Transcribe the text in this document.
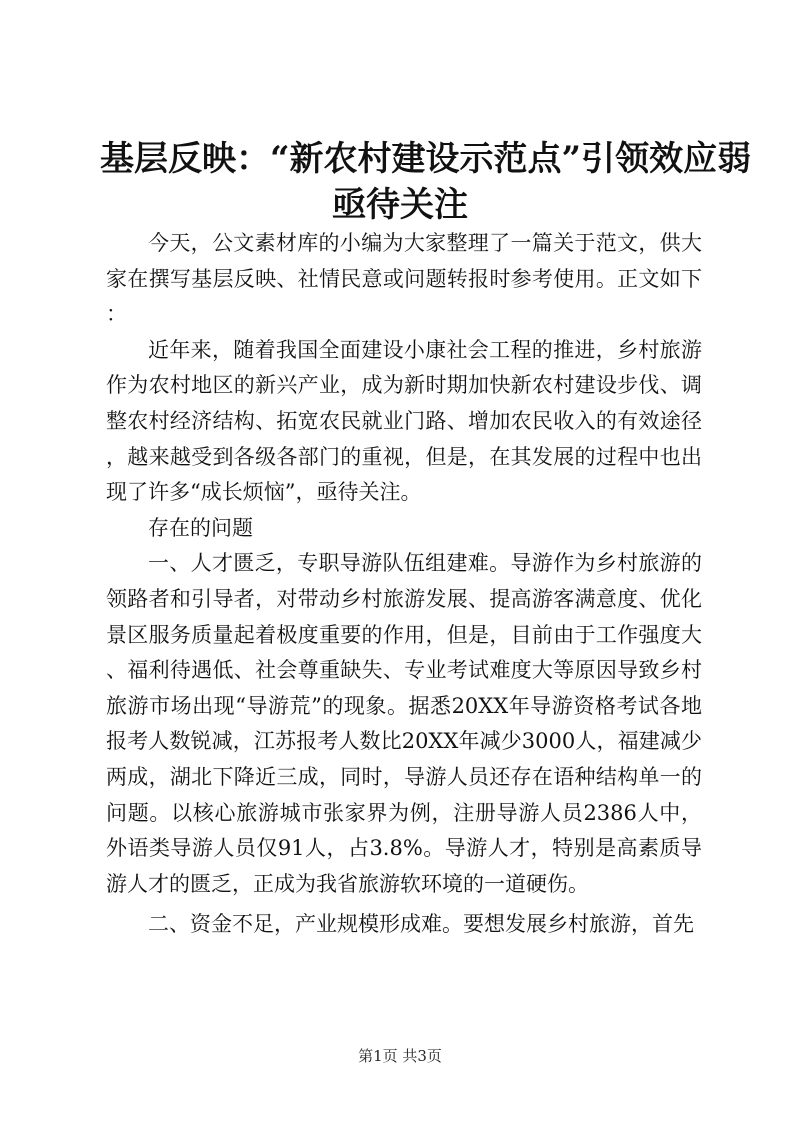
基层反映：“新农村建设示范点”引领效应弱
亟待关注

今天，公文素材库的小编为大家整理了一篇关于范文，供大家在撰写基层反映、社情民意或问题转报时参考使用。正文如下：

近年来，随着我国全面建设小康社会工程的推进，乡村旅游作为农村地区的新兴产业，成为新时期加快新农村建设步伐、调整农村经济结构、拓宽农民就业门路、增加农民收入的有效途径，越来越受到各级各部门的重视，但是，在其发展的过程中也出现了许多“成长烦恼”，亟待关注。

存在的问题

一、人才匮乏，专职导游队伍组建难。导游作为乡村旅游的领路者和引导者，对带动乡村旅游发展、提高游客满意度、优化景区服务质量起着极度重要的作用，但是，目前由于工作强度大、福利待遇低、社会尊重缺失、专业考试难度大等原因导致乡村旅游市场出现“导游荒”的现象。据悉20XX年导游资格考试各地报考人数锐减，江苏报考人数比20XX年减少3000人，福建减少两成，湖北下降近三成，同时，导游人员还存在语种结构单一的问题。以核心旅游城市张家界为例，注册导游人员2386人中，外语类导游人员仅91人，占3.8%。导游人才，特别是高素质导游人才的匮乏，正成为我省旅游软环境的一道硬伤。

二、资金不足，产业规模形成难。要想发展乡村旅游，首先

第1页 共3页
